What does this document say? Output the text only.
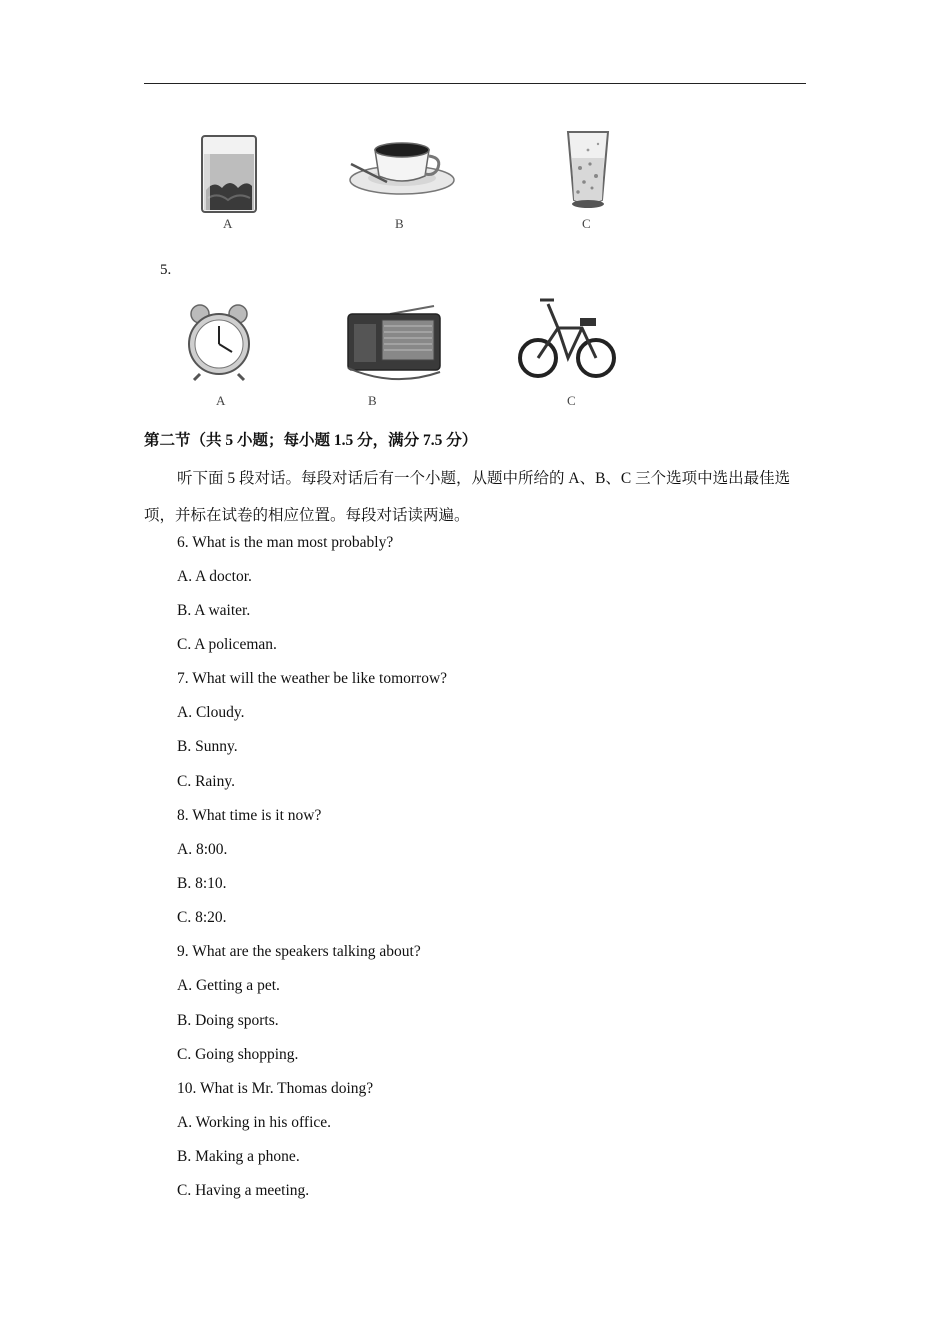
A	B	C
5.
A	B	C
第二节（共 5 小题；每小题 1.5 分，满分 7.5 分）
听下面 5 段对话。每段对话后有一个小题，从题中所给的 A、B、C 三个选项中选出最佳选项，并标在试卷的相应位置。每段对话读两遍。
6. What is the man most probably?
A. A doctor.
B. A waiter.
C. A policeman.
7. What will the weather be like tomorrow?
A. Cloudy.
B. Sunny.
C. Rainy.
8. What time is it now?
A. 8:00.
B. 8:10.
C. 8:20.
9. What are the speakers talking about?
A. Getting a pet.
B. Doing sports.
C. Going shopping.
10. What is Mr. Thomas doing?
A. Working in his office.
B. Making a phone.
C. Having a meeting.
